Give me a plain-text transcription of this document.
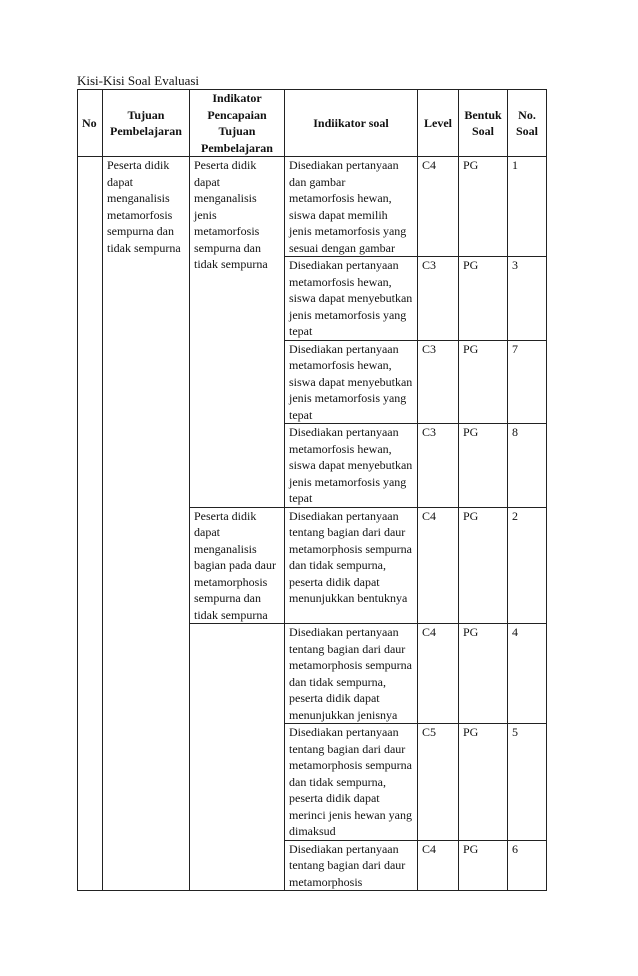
Kisi-Kisi Soal Evaluasi
No	Tujuan Pembelajaran	Indikator Pencapaian Tujuan Pembelajaran	Indiikator soal	Level	Bentuk Soal	No. Soal
	Peserta didik dapat menganalisis metamorfosis sempurna dan tidak sempurna	Peserta didik dapat menganalisis jenis metamorfosis sempurna dan tidak sempurna	Disediakan pertanyaan dan gambar metamorfosis hewan, siswa dapat memilih jenis metamorfosis yang sesuai dengan gambar	C4	PG	1
			Disediakan pertanyaan metamorfosis hewan, siswa dapat menyebutkan jenis metamorfosis yang tepat	C3	PG	3
			Disediakan pertanyaan metamorfosis hewan, siswa dapat menyebutkan jenis metamorfosis yang tepat	C3	PG	7
			Disediakan pertanyaan metamorfosis hewan, siswa dapat menyebutkan jenis metamorfosis yang tepat	C3	PG	8
		Peserta didik dapat menganalisis bagian pada daur metamorphosis sempurna dan tidak sempurna	Disediakan pertanyaan tentang bagian dari daur metamorphosis sempurna dan tidak sempurna, peserta didik dapat menunjukkan bentuknya	C4	PG	2
			Disediakan pertanyaan tentang bagian dari daur metamorphosis sempurna dan tidak sempurna, peserta didik dapat menunjukkan jenisnya	C4	PG	4
			Disediakan pertanyaan tentang bagian dari daur metamorphosis sempurna dan tidak sempurna, peserta didik dapat merinci jenis hewan yang dimaksud	C5	PG	5
			Disediakan pertanyaan tentang bagian dari daur metamorphosis	C4	PG	6
